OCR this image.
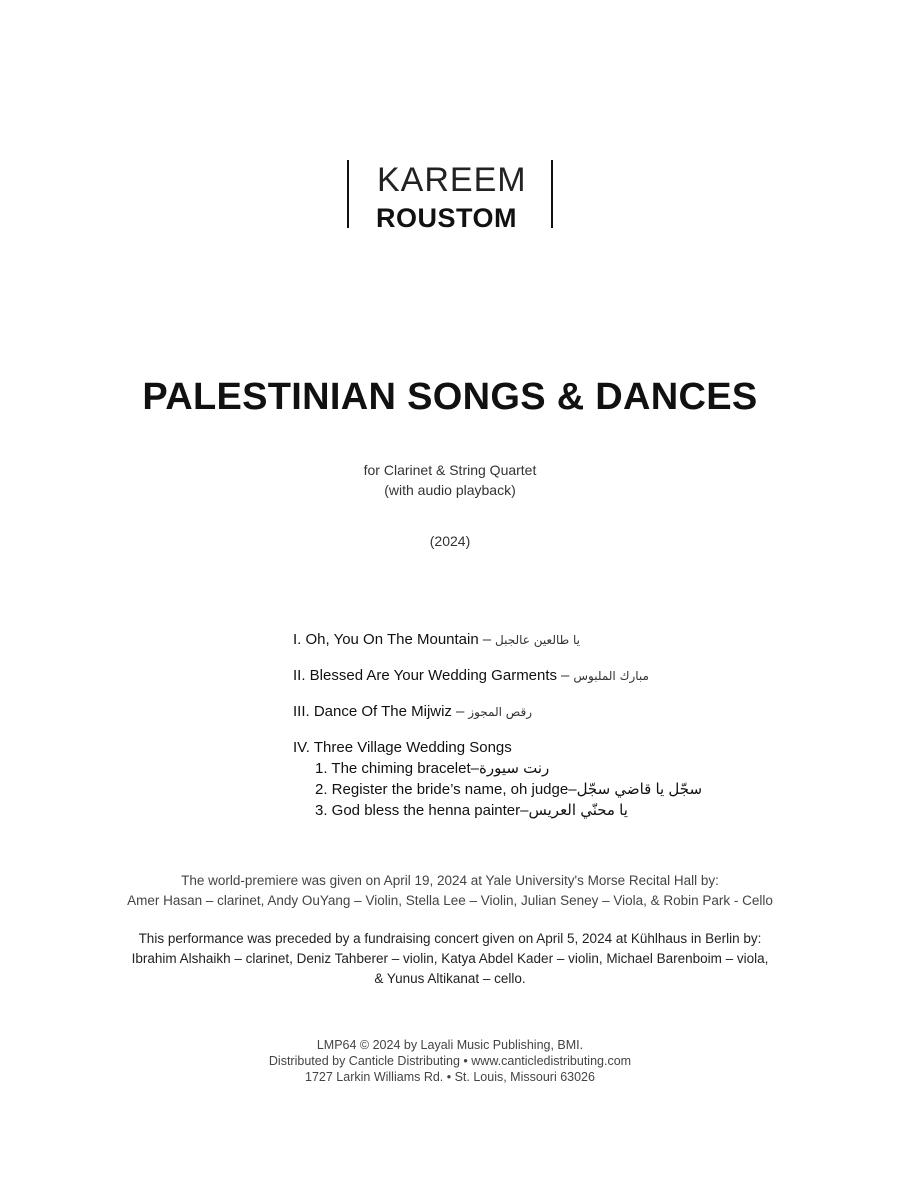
KAREEM
ROUSTOM
PALESTINIAN SONGS & DANCES
for Clarinet & String Quartet
(with audio playback)
(2024)
I. Oh, You On The Mountain – يا طالعين عالجبل
II. Blessed Are Your Wedding Garments – مبارك الملبوس
III. Dance Of The Mijwiz – رقص المجوز
IV. Three Village Wedding Songs
1. The chiming bracelet–رنت سيورة
2. Register the bride’s name, oh judge–سجّل يا قاضي سجّل
3. God bless the henna painter–يا محنّي العريس
The world-premiere was given on April 19, 2024 at Yale University's Morse Recital Hall by:
Amer Hasan – clarinet, Andy OuYang – Violin, Stella Lee – Violin, Julian Seney – Viola, & Robin Park - Cello
This performance was preceded by a fundraising concert given on April 5, 2024 at Kühlhaus in Berlin by:
Ibrahim Alshaikh – clarinet, Deniz Tahberer – violin, Katya Abdel Kader – violin, Michael Barenboim – viola,
& Yunus Altikanat – cello.
LMP64 © 2024 by Layali Music Publishing, BMI.
Distributed by Canticle Distributing • www.canticledistributing.com
1727 Larkin Williams Rd. • St. Louis, Missouri 63026
